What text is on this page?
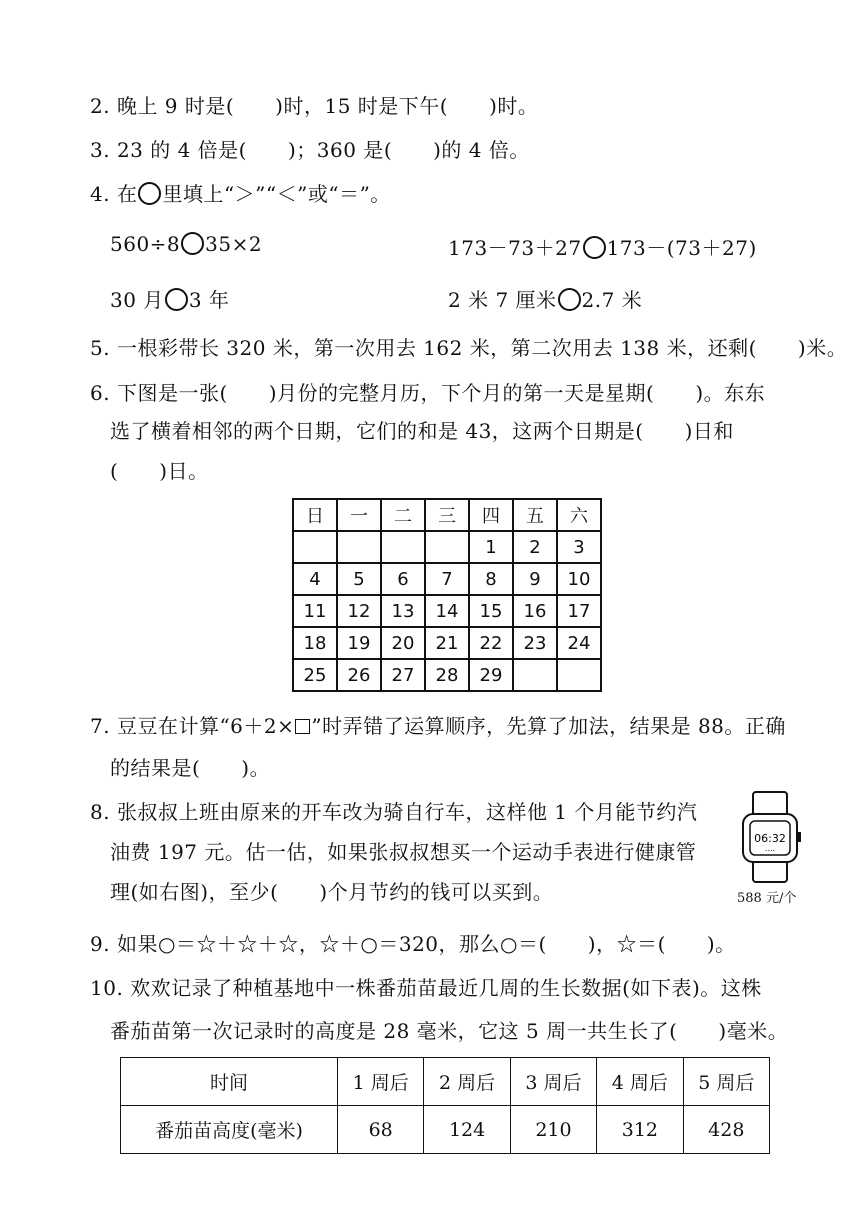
2. 晚上 9 时是(　　)时，15 时是下午(　　)时。
3. 23 的 4 倍是(　　)；360 是(　　)的 4 倍。
4. 在 里填上“＞”“＜”或“＝”。
560÷8 35×2	173－73＋27 173－(73＋27)
30 月 3 年	2 米 7 厘米 2.7 米
5. 一根彩带长 320 米，第一次用去 162 米，第二次用去 138 米，还剩(　　)米。
6. 下图是一张(　　)月份的完整月历，下个月的第一天是星期(　　)。东东
选了横着相邻的两个日期，它们的和是 43，这两个日期是(　　)日和
(　　)日。
日	一	二	三	四	五	六
				1	2	3
4	5	6	7	8	9	10
11	12	13	14	15	16	17
18	19	20	21	22	23	24
25	26	27	28	29		
7. 豆豆在计算“6＋2× ”时弄错了运算顺序，先算了加法，结果是 88。正确
的结果是(　　)。
8. 张叔叔上班由原来的开车改为骑自行车，这样他 1 个月能节约汽
油费 197 元。估一估，如果张叔叔想买一个运动手表进行健康管
理(如右图)，至少(　　)个月节约的钱可以买到。
06:32
....
588 元/个
9. 如果○＝☆＋☆＋☆，☆＋○＝320，那么○＝(　　)，☆＝(　　)。
10. 欢欢记录了种植基地中一株番茄苗最近几周的生长数据(如下表)。这株
番茄苗第一次记录时的高度是 28 毫米，它这 5 周一共生长了(　　)毫米。
时间	1 周后	2 周后	3 周后	4 周后	5 周后
番茄苗高度(毫米)	68	124	210	312	428
